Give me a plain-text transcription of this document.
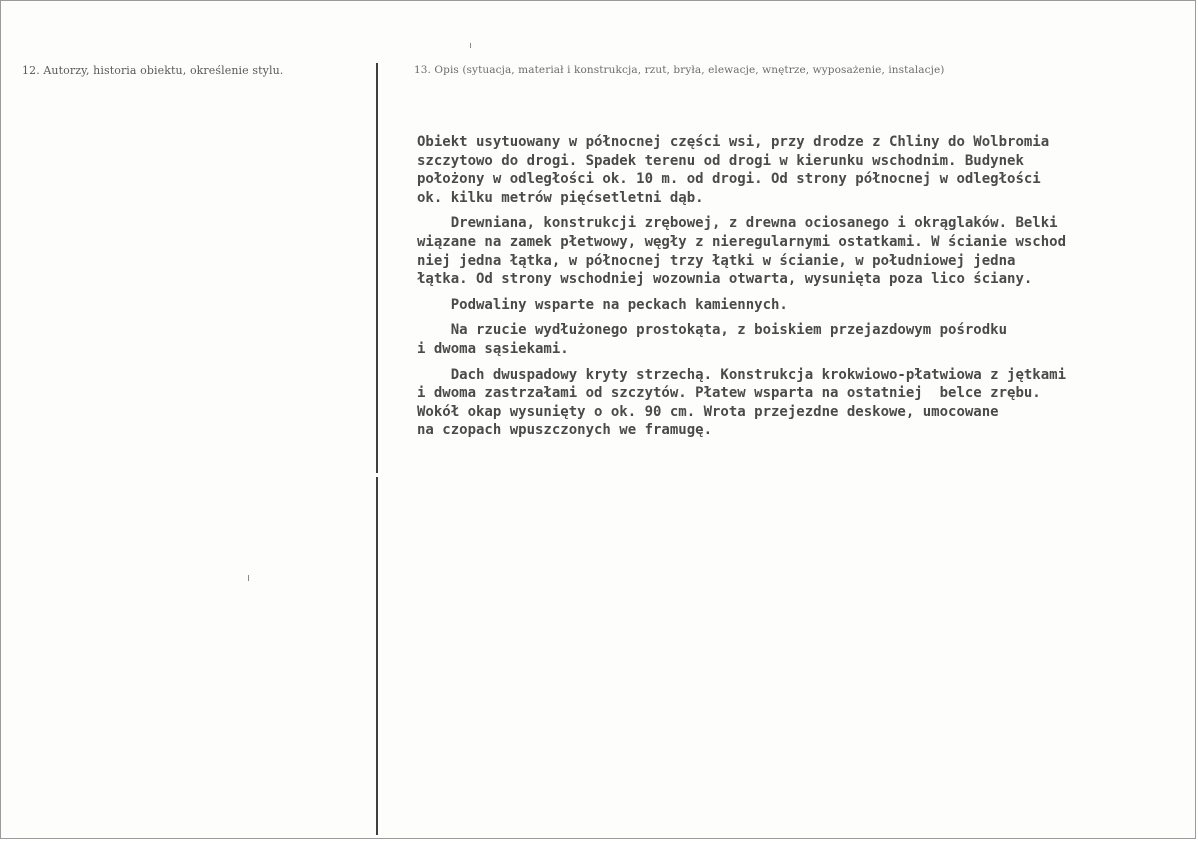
12. Autorzy, historia obiektu, określenie stylu.	13. Opis (sytuacja, materiał i konstrukcja, rzut, bryła, elewacje, wnętrze, wyposażenie, instalacje)

Obiekt usytuowany w północnej części wsi, przy drodze z Chliny do Wolbromia
szczytowo do drogi. Spadek terenu od drogi w kierunku wschodnim. Budynek
położony w odległości ok. 10 m. od drogi. Od strony północnej w odległości
ok. kilku metrów pięćsetletni dąb.

Drewniana, konstrukcji zrębowej, z drewna ociosanego i okrąglaków. Belki
wiązane na zamek płetwowy, węgły z nieregularnymi ostatkami. W ścianie wschod
niej jedna łątka, w północnej trzy łątki w ścianie, w południowej jedna
łątka. Od strony wschodniej wozownia otwarta, wysunięta poza lico ściany.

Podwaliny wsparte na peckach kamiennych.

Na rzucie wydłużonego prostokąta, z boiskiem przejazdowym pośrodku
i dwoma sąsiekami.

Dach dwuspadowy kryty strzechą. Konstrukcja krokwiowo-płatwiowa z jętkami
i dwoma zastrzałami od szczytów. Płatew wsparta na ostatniej  belce zrębu.
Wokół okap wysunięty o ok. 90 cm. Wrota przejezdne deskowe, umocowane
na czopach wpuszczonych we framugę.
